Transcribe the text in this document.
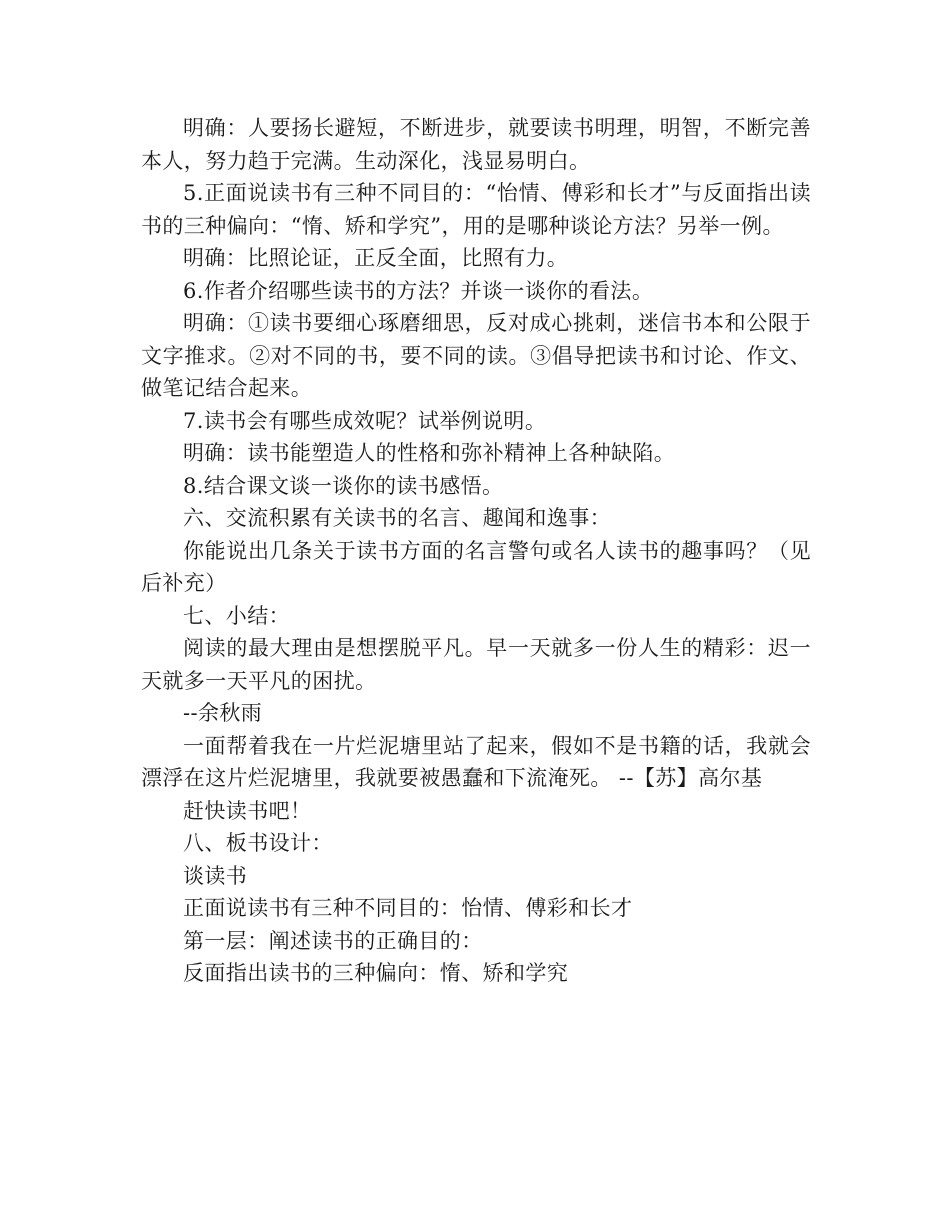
明确：人要扬长避短，不断进步，就要读书明理，明智，不断完善本人，努力趋于完满。生动深化，浅显易明白。

5.正面说读书有三种不同目的：“怡情、傅彩和长才”与反面指出读书的三种偏向：“惰、矫和学究”，用的是哪种谈论方法？另举一例。

明确：比照论证，正反全面，比照有力。

6.作者介绍哪些读书的方法？并谈一谈你的看法。

明确：①读书要细心琢磨细思，反对成心挑刺，迷信书本和公限于文字推求。②对不同的书，要不同的读。③倡导把读书和讨论、作文、做笔记结合起来。

7.读书会有哪些成效呢？试举例说明。

明确：读书能塑造人的性格和弥补精神上各种缺陷。

8.结合课文谈一谈你的读书感悟。

六、交流积累有关读书的名言、趣闻和逸事：

你能说出几条关于读书方面的名言警句或名人读书的趣事吗？（见后补充）

七、小结：

阅读的最大理由是想摆脱平凡。早一天就多一份人生的精彩：迟一天就多一天平凡的困扰。

--余秋雨

一面帮着我在一片烂泥塘里站了起来，假如不是书籍的话，我就会漂浮在这片烂泥塘里，我就要被愚蠢和下流淹死。 --【苏】高尔基

赶快读书吧！

八、板书设计：

谈读书

正面说读书有三种不同目的：怡情、傅彩和长才

第一层：阐述读书的正确目的：

反面指出读书的三种偏向：惰、矫和学究
